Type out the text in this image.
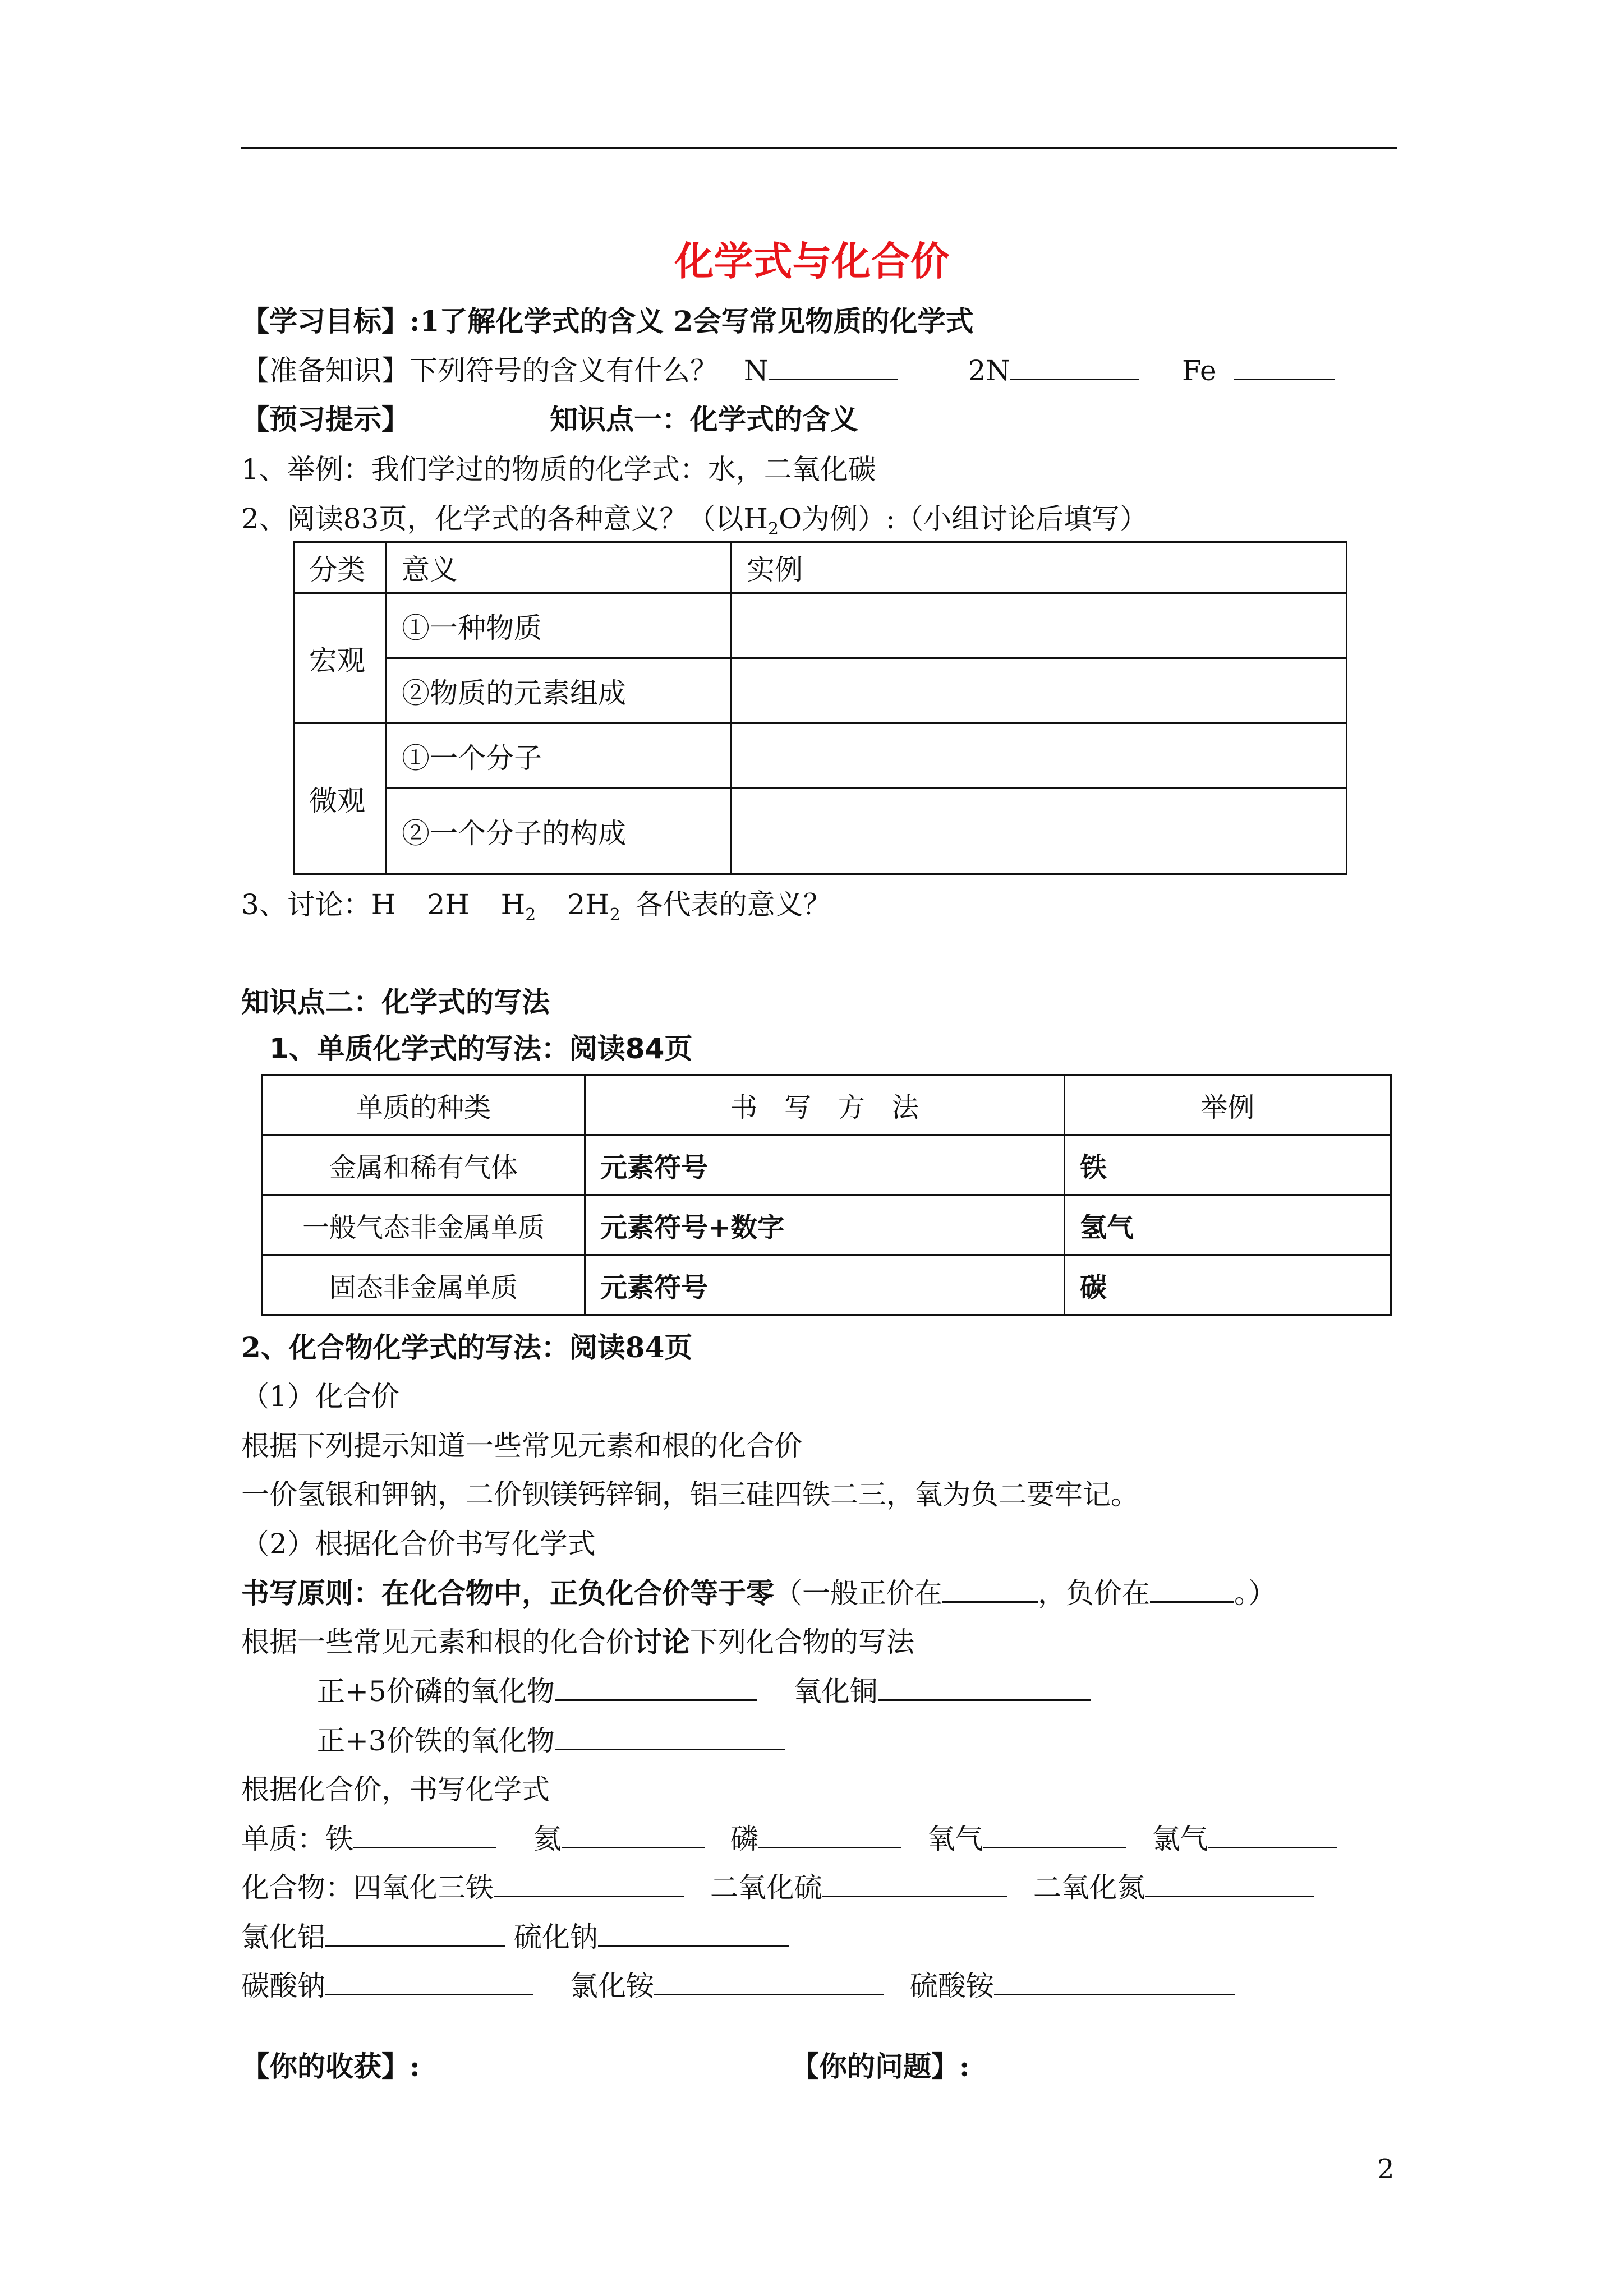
化学式与化合价
【学习目标】:1了解化学式的含义 2会写常见物质的化学式
【准备知识】下列符号的含义有什么？ N	2N	Fe
【预习提示】	知识点一：化学式的含义
1、举例：我们学过的物质的化学式：水，二氧化碳
2、阅读83页，化学式的各种意义？（以$H_2O$为例）:（小组讨论后填写）
分类	意义	实例
宏观	①一种物质	
	②物质的元素组成	
微观	①一个分子	
	②一个分子的构成	
3、讨论：H 2H $H_2$ $2H_2$ 各代表的意义？
知识点二：化学式的写法
1、单质化学式的写法：阅读84页
单质的种类	书　写　方　法	举例
金属和稀有气体	元素符号	铁
一般气态非金属单质	元素符号+数字	氢气
固态非金属单质	元素符号	碳
2、化合物化学式的写法：阅读84页
（1）化合价
根据下列提示知道一些常见元素和根的化合价
一价氢银和钾钠，二价钡镁钙锌铜，铝三硅四铁二三，氧为负二要牢记。
（2）根据化合价书写化学式
书写原则：在化合物中，正负化合价等于零（一般正价在	，负价在	。）
根据一些常见元素和根的化合价讨论下列化合物的写法
正+5价磷的氧化物	氧化铜
正+3价铁的氧化物
根据化合价，书写化学式
单质：铁	氦	磷	氧气	氯气
化合物：四氧化三铁	二氧化硫	二氧化氮
氯化铝	硫化钠
碳酸钠	氯化铵	硫酸铵
【你的收获】:	【你的问题】:
2
